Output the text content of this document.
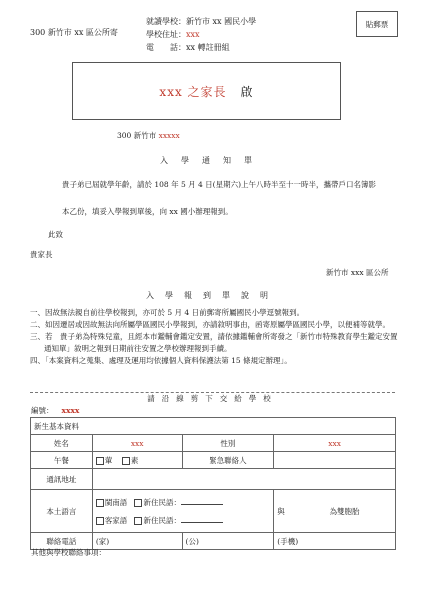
300 新竹市 xx 區公所寄
就讀學校：新竹市 xx 國民小學
學校住址：xxx
電　　話：xx 轉註冊組
貼郵票
xxx 之家長 啟
300 新竹市 xxxxx
入學通知單
貴子弟已屆就學年齡，請於 108 年 5 月 4 日(星期六)上午八時半至十一時半，攜帶戶口名簿影
本乙份，填妥入學報到單後，向 xx 國小辦理報到。
此致
貴家長
新竹市 xxx 區公所
入學報到單說明
一、因故無法親自前往學校報到，亦可於 5 月 4 日前郵寄所屬國民小學逕號報到。
二、如因遷居或因故無法向所屬學區國民小學報到，亦請敘明事由，函寄原屬學區國民小學，以便補等就學。
三、若　貴子弟為特殊兒童，且經本市鑑輔會鑑定安置，請依據鑑輔會所寄發之「新竹市特殊教育學生鑑定安置通知單」敘明之報到日期前往安置之學校辦理報到手續。
四、「本案資料之蒐集、處理及運用均依據個人資料保護法第 15 條規定辦理」。
請沿線剪下交給學校
編號： xxxx
新生基本資料			
姓名	xxx	性別	xxx
午餐	葷 素	緊急聯絡人	
通訊地址			
本土語言	閩南語 新住民語：
客家語 新住民語：		與 為雙胞胎
聯絡電話	(家)	(公)	(手機)
其他與學校聯絡事項：
